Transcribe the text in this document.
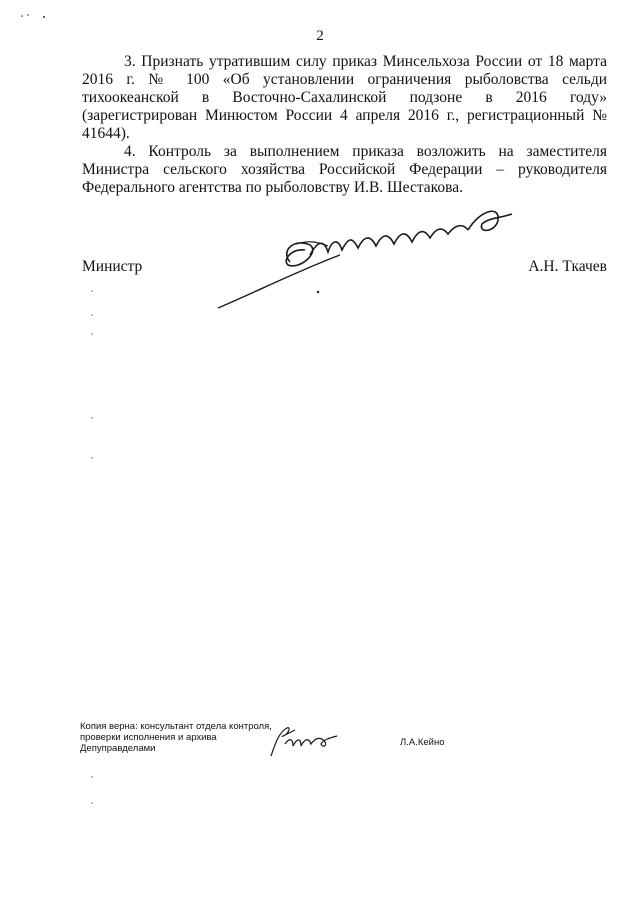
2

3. Признать утратившим силу приказ Минсельхоза России от 18 марта 2016 г. № 100 «Об установлении ограничения рыболовства сельди тихоокеанской в Восточно-Сахалинской подзоне в 2016 году» (зарегистрирован Минюстом России 4 апреля 2016 г., регистрационный № 41644).

4. Контроль за выполнением приказа возложить на заместителя Министра сельского хозяйства Российской Федерации – руководителя Федерального агентства по рыболовству И.В. Шестакова.

Министр	А.Н. Ткачев
Копия верна: консультант отдела контроля,
проверки исполнения и архива
Депуправделами
Л.А.Кейно
